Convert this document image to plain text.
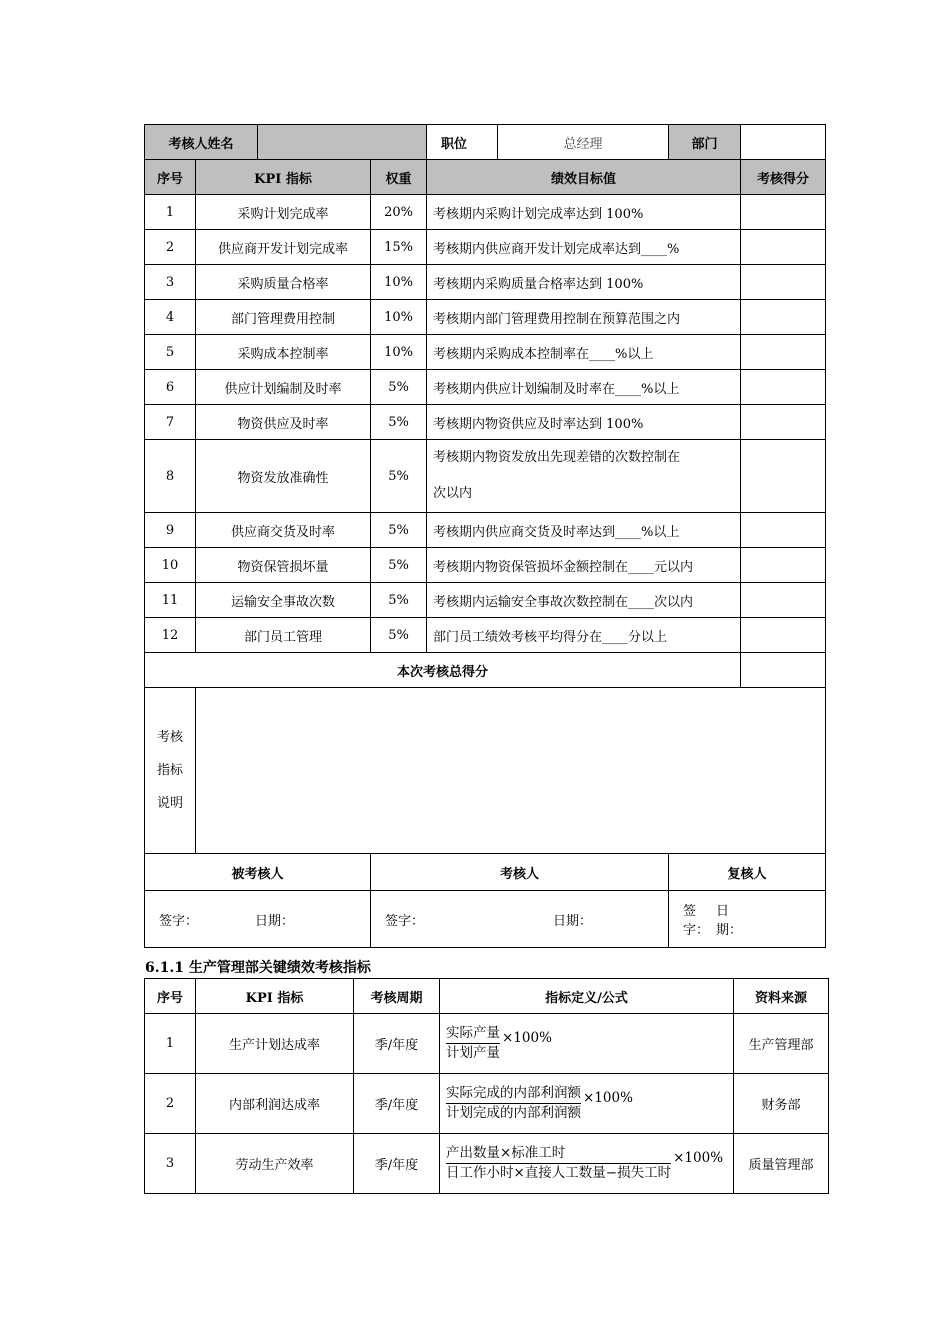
考核人姓名				职位	总经理	部门	
序号	KPI 指标		权重	绩效目标值			考核得分
1	采购计划完成率		20%	考核期内采购计划完成率达到 100%			
2	供应商开发计划完成率		15%	考核期内供应商开发计划完成率达到____%			
3	采购质量合格率		10%	考核期内采购质量合格率达到 100%			
4	部门管理费用控制		10%	考核期内部门管理费用控制在预算范围之内			
5	采购成本控制率		10%	考核期内采购成本控制率在____%以上			
6	供应计划编制及时率		5%	考核期内供应计划编制及时率在____%以上			
7	物资供应及时率		5%	考核期内物资供应及时率达到 100%			
8	物资发放准确性		5%	考核期内物资发放出先现差错的次数控制在
次以内			

9	供应商交货及时率		5%	考核期内供应商交货及时率达到____%以上			
10	物资保管损坏量		5%	考核期内物资保管损坏金额控制在____元以内			
11	运输安全事故次数		5%	考核期内运输安全事故次数控制在____次以内			
12	部门员工管理		5%	部门员工绩效考核平均得分在____分以上			
本次考核总得分							

考核
指标
说明							

被考核人			考核人			复核人	

签字： 日期：			签字： 日期：			签字：
日期：	
6.1.1 生产管理部关键绩效考核指标
序号	KPI 指标	考核周期	指标定义/公式	资料来源
1	生产计划达成率	季/年度	实际产量
计划产量
×100%	生产管理部
2	内部利润达成率	季/年度	实际完成的内部利润额
计划完成的内部利润额
×100%	财务部
3	劳动生产效率	季/年度	产出数量×标准工时
日工作小时×直接人工数量−损失工时
×100%	质量管理部
